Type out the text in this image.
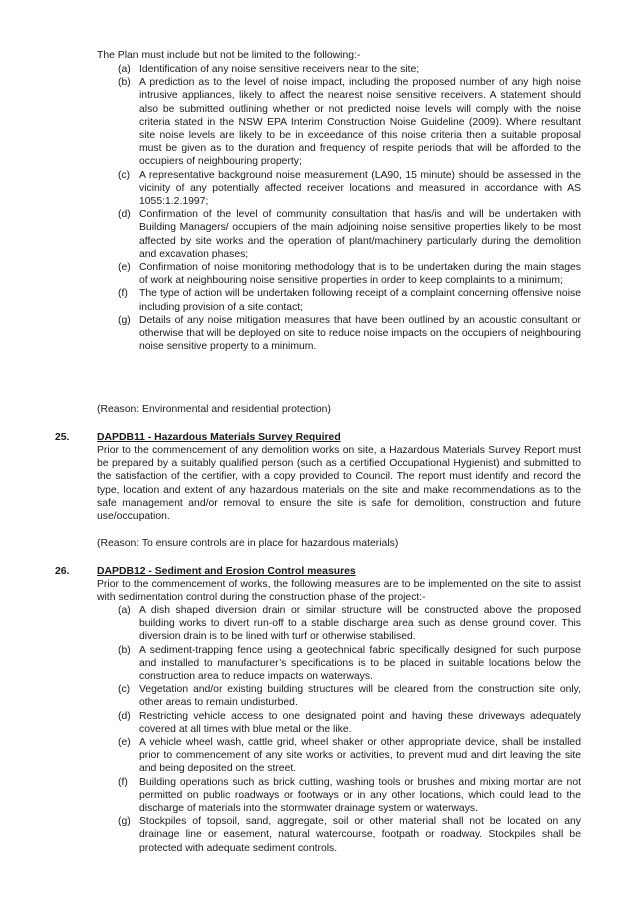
The Plan must include but not be limited to the following:-

(a) Identification of any noise sensitive receivers near to the site;
(b) A prediction as to the level of noise impact, including the proposed number of any high noise intrusive appliances, likely to affect the nearest noise sensitive receivers. A statement should also be submitted outlining whether or not predicted noise levels will comply with the noise criteria stated in the NSW EPA Interim Construction Noise Guideline (2009). Where resultant site noise levels are likely to be in exceedance of this noise criteria then a suitable proposal must be given as to the duration and frequency of respite periods that will be afforded to the occupiers of neighbouring property;
(c) A representative background noise measurement (LA90, 15 minute) should be assessed in the vicinity of any potentially affected receiver locations and measured in accordance with AS 1055:1.2.1997;
(d) Confirmation of the level of community consultation that has/is and will be undertaken with Building Managers/ occupiers of the main adjoining noise sensitive properties likely to be most affected by site works and the operation of plant/machinery particularly during the demolition and excavation phases;
(e) Confirmation of noise monitoring methodology that is to be undertaken during the main stages of work at neighbouring noise sensitive properties in order to keep complaints to a minimum;
(f) The type of action will be undertaken following receipt of a complaint concerning offensive noise including provision of a site contact;
(g) Details of any noise mitigation measures that have been outlined by an acoustic consultant or otherwise that will be deployed on site to reduce noise impacts on the occupiers of neighbouring noise sensitive property to a minimum.

(Reason: Environmental and residential protection)

25.	DAPDB11 - Hazardous Materials Survey Required

Prior to the commencement of any demolition works on site, a Hazardous Materials Survey Report must be prepared by a suitably qualified person (such as a certified Occupational Hygienist) and submitted to the satisfaction of the certifier, with a copy provided to Council. The report must identify and record the type, location and extent of any hazardous materials on the site and make recommendations as to the safe management and/or removal to ensure the site is safe for demolition, construction and future use/occupation.

(Reason: To ensure controls are in place for hazardous materials)

26.	DAPDB12 - Sediment and Erosion Control measures

Prior to the commencement of works, the following measures are to be implemented on the site to assist with sedimentation control during the construction phase of the project:-

(a) A dish shaped diversion drain or similar structure will be constructed above the proposed building works to divert run-off to a stable discharge area such as dense ground cover. This diversion drain is to be lined with turf or otherwise stabilised.
(b) A sediment-trapping fence using a geotechnical fabric specifically designed for such purpose and installed to manufacturer’s specifications is to be placed in suitable locations below the construction area to reduce impacts on waterways.
(c) Vegetation and/or existing building structures will be cleared from the construction site only, other areas to remain undisturbed.
(d) Restricting vehicle access to one designated point and having these driveways adequately covered at all times with blue metal or the like.
(e) A vehicle wheel wash, cattle grid, wheel shaker or other appropriate device, shall be installed prior to commencement of any site works or activities, to prevent mud and dirt leaving the site and being deposited on the street.
(f) Building operations such as brick cutting, washing tools or brushes and mixing mortar are not permitted on public roadways or footways or in any other locations, which could lead to the discharge of materials into the stormwater drainage system or waterways.
(g) Stockpiles of topsoil, sand, aggregate, soil or other material shall not be located on any drainage line or easement, natural watercourse, footpath or roadway. Stockpiles shall be protected with adequate sediment controls.
